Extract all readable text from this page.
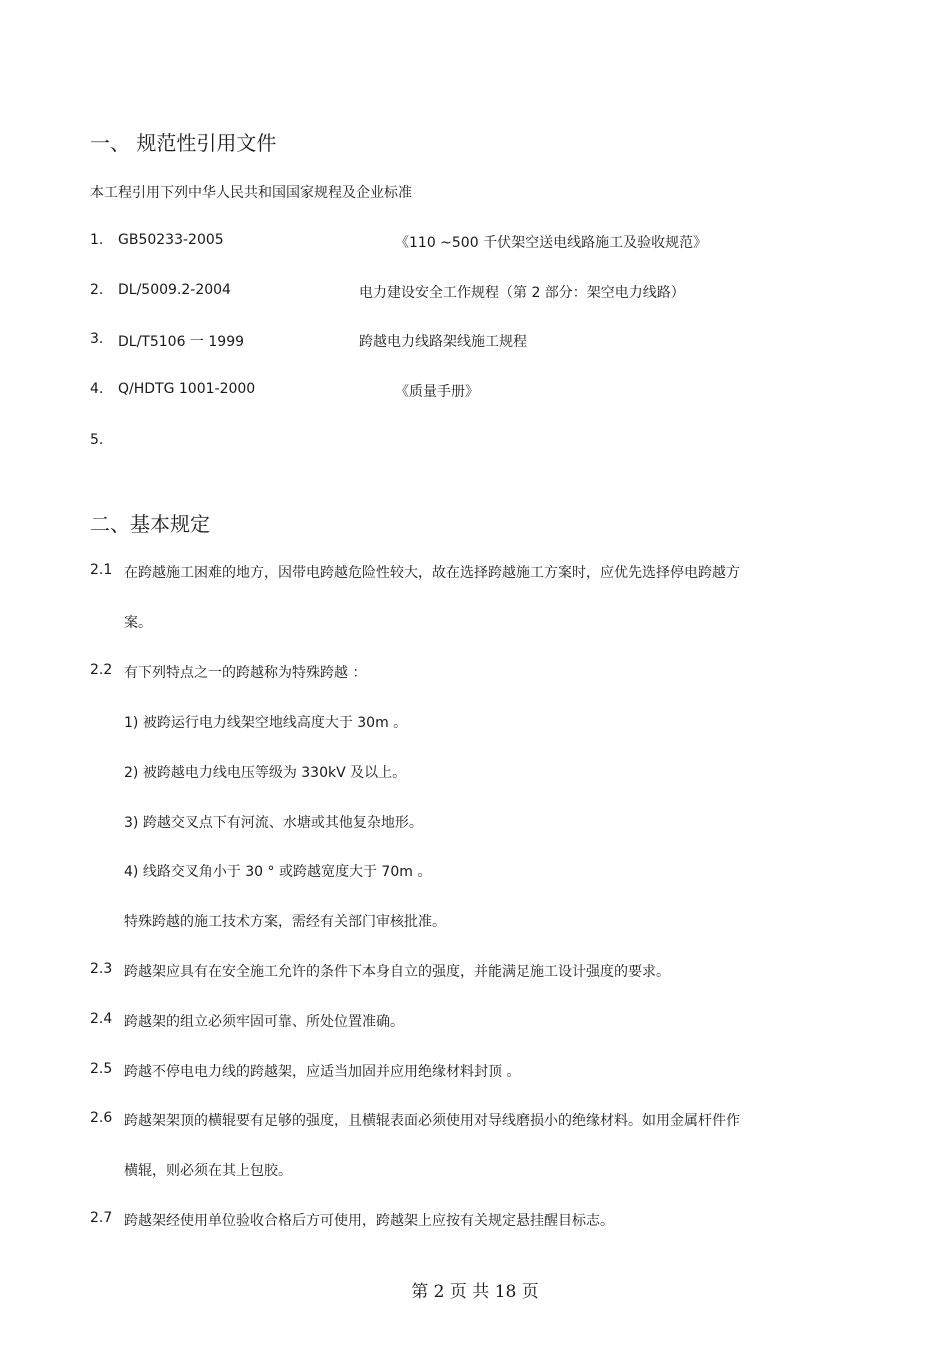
一、 规范性引用文件
本工程引用下列中华人民共和国国家规程及企业标准
1. GB50233-2005	《110 ~500 千伏架空送电线路施工及验收规范》
2. DL/5009.2-2004	电力建设安全工作规程（第 2 部分：架空电力线路）
3. DL/T5106 一 1999	跨越电力线路架线施工规程
4. Q/HDTG 1001-2000	《质量手册》
5.
二、基本规定
2.1 在跨越施工困难的地方，因带电跨越危险性较大，故在选择跨越施工方案时，应优先选择停电跨越方
案。
2.2 有下列特点之一的跨越称为特殊跨越 ：
1) 被跨运行电力线架空地线高度大于 30m 。
2) 被跨越电力线电压等级为 330kV 及以上。
3) 跨越交叉点下有河流、水塘或其他复杂地形。
4) 线路交叉角小于 30 ° 或跨越宽度大于 70m 。
特殊跨越的施工技术方案，需经有关部门审核批准。
2.3 跨越架应具有在安全施工允许的条件下本身自立的强度，并能满足施工设计强度的要求。
2.4 跨越架的组立必须牢固可靠、所处位置准确。
2.5 跨越不停电电力线的跨越架，应适当加固并应用绝缘材料封顶 。
2.6 跨越架架顶的横辊要有足够的强度，且横辊表面必须使用对导线磨损小的绝缘材料。如用金属杆件作
横辊，则必须在其上包胶。
2.7 跨越架经使用单位验收合格后方可使用，跨越架上应按有关规定悬挂醒目标志。
第 2 页 共 18 页
